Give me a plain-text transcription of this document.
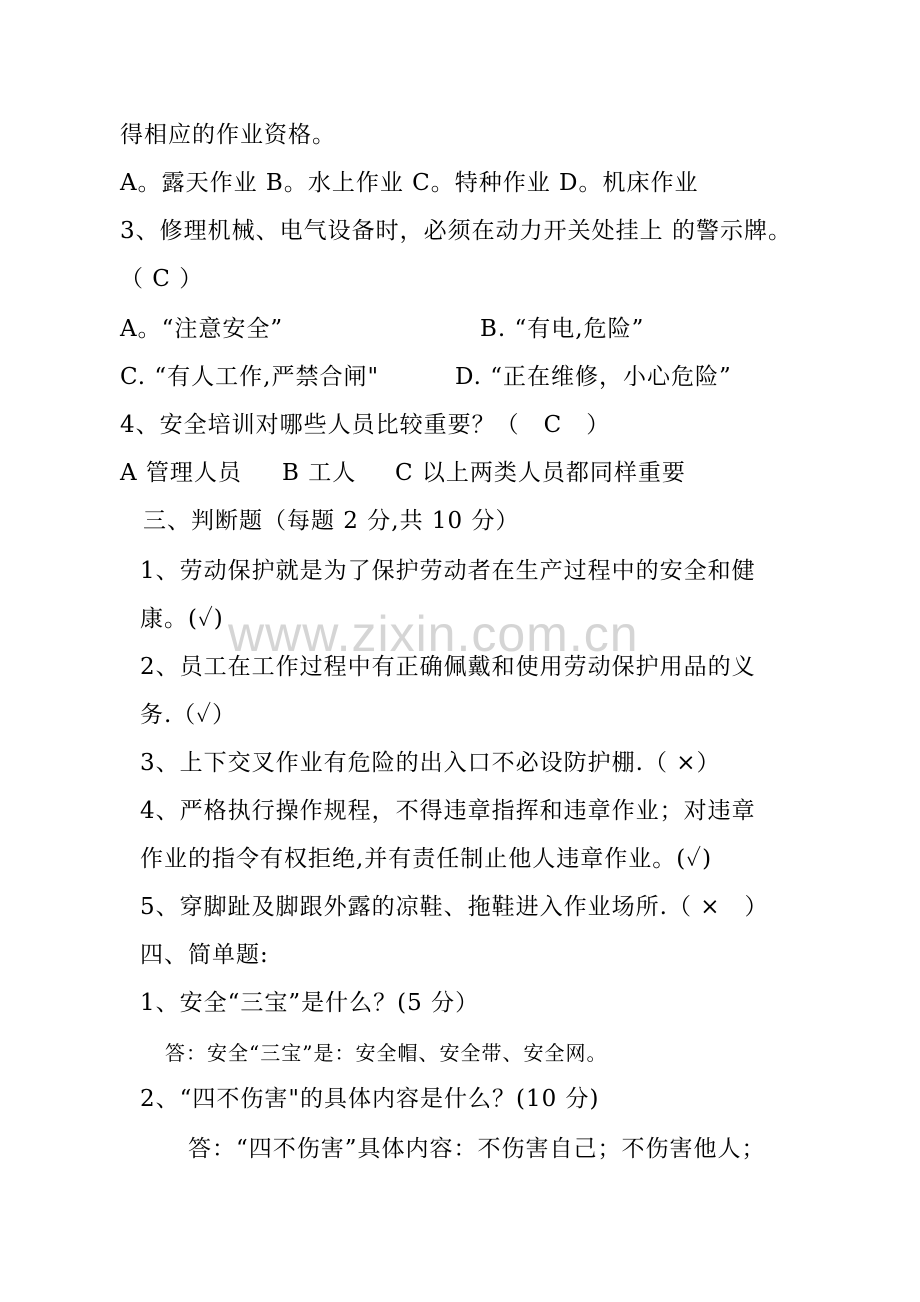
得相应的作业资格。
A。露天作业 B。水上作业 C。特种作业 D。机床作业
3、修理机械、电气设备时，必须在动力开关处挂上 的警示牌。
（ C ）
A。“注意安全”	B. “有电,危险”
C. “有人工作,严禁合闸"	D. “正在维修，小心危险”
4、安全培训对哪些人员比较重要？（　C　）
A 管理人员 B 工人 C 以上两类人员都同样重要
三、判断题（每题 2 分,共 10 分）
1、劳动保护就是为了保护劳动者在生产过程中的安全和健
康。(✓)
2、员工在工作过程中有正确佩戴和使用劳动保护用品的义
务.（✓）
3、上下交叉作业有危险的出入口不必设防护棚.（ ×）
4、严格执行操作规程，不得违章指挥和违章作业；对违章
作业的指令有权拒绝,并有责任制止他人违章作业。(✓)
5、穿脚趾及脚跟外露的凉鞋、拖鞋进入作业场所.（ ×　）
四、简单题:
1、安全“三宝”是什么？(5 分）
答：安全“三宝”是：安全帽、安全带、安全网。
2、“四不伤害"的具体内容是什么？(10 分)
答：“四不伤害”具体内容：不伤害自己；不伤害他人；
www.zixin.com.cn
